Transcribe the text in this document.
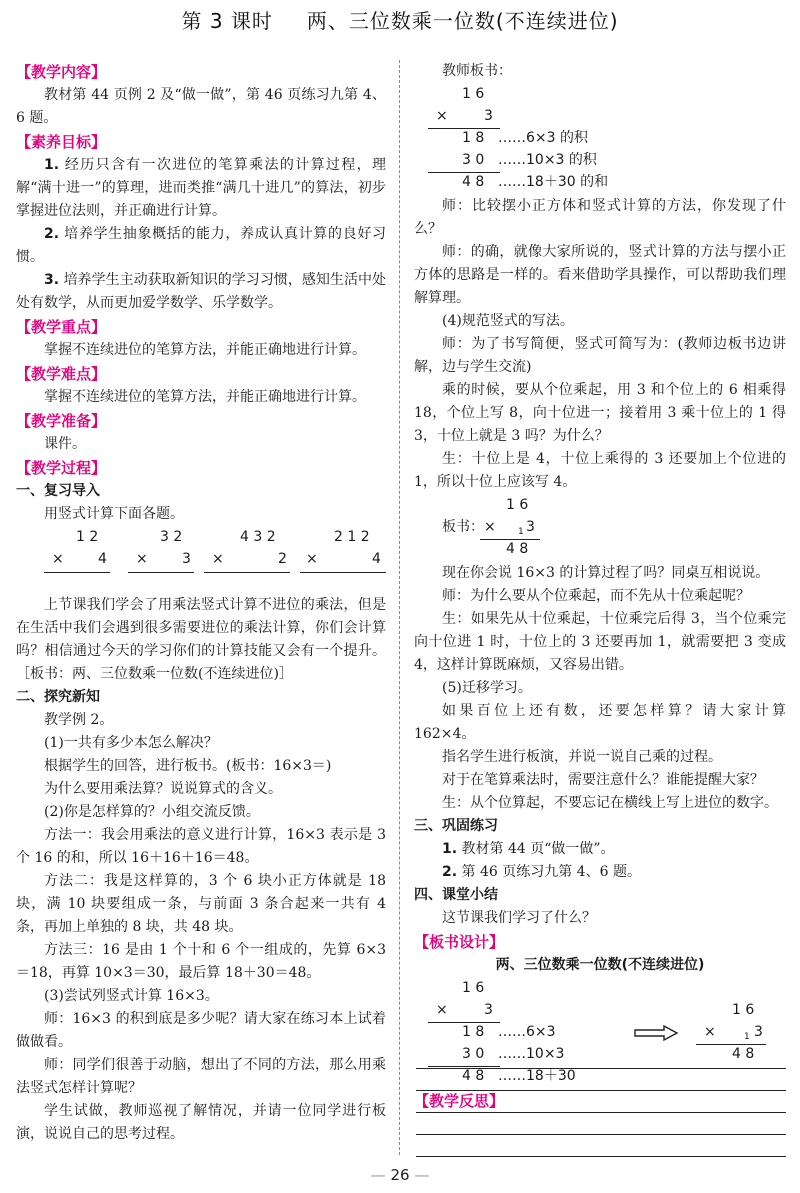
第 3 课时 两、三位数乘一位数(不连续进位)
【教学内容】

教材第 44 页例 2 及“做一做”，第 46 页练习九第 4、6 题。

【素养目标】

1. 经历只含有一次进位的笔算乘法的计算过程，理解“满十进一”的算理，进而类推“满几十进几”的算法，初步掌握进位法则，并正确进行计算。

2. 培养学生抽象概括的能力，养成认真计算的良好习惯。

3. 培养学生主动获取新知识的学习习惯，感知生活中处处有数学，从而更加爱学数学、乐学数学。

【教学重点】

掌握不连续进位的笔算方法，并能正确地进行计算。

【教学难点】

掌握不连续进位的笔算方法，并能正确地进行计算。

【教学准备】

课件。

【教学过程】
一、复习导入

用竖式计算下面各题。

1 2
× 4
3 2
× 3
4 3 2
×	2
2 1 2
×	4

上节课我们学会了用乘法竖式计算不进位的乘法，但是在生活中我们会遇到很多需要进位的乘法计算，你们会计算吗？相信通过今天的学习你们的计算技能又会有一个提升。［板书：两、三位数乘一位数(不连续进位)］

二、探究新知

教学例 2。

(1)一共有多少本怎么解决？

根据学生的回答，进行板书。(板书：16×3＝)

为什么要用乘法算？说说算式的含义。

(2)你是怎样算的？小组交流反馈。

方法一：我会用乘法的意义进行计算，16×3 表示是 3 个 16 的和，所以 16＋16＋16＝48。

方法二：我是这样算的，3 个 6 块小正方体就是 18 块，满 10 块要组成一条，与前面 3 条合起来一共有 4 条，再加上单独的 8 块，共 48 块。

方法三：16 是由 1 个十和 6 个一组成的，先算 6×3＝18，再算 10×3＝30，最后算 18＋30＝48。

(3)尝试列竖式计算 16×3。

师：16×3 的积到底是多少呢？请大家在练习本上试着做做看。

师：同学们很善于动脑，想出了不同的方法，那么用乘法竖式怎样计算呢？

学生试做，教师巡视了解情况，并请一位同学进行板演，说说自己的思考过程。

教师板书：

1 6
×	3
1 8 ……6×3 的积
3 0 ……10×3 的积
4 8 ……18＋30 的和

师：比较摆小正方体和竖式计算的方法，你发现了什么？

师：的确，就像大家所说的，竖式计算的方法与摆小正方体的思路是一样的。看来借助学具操作，可以帮助我们理解算理。

(4)规范竖式的写法。

师：为了书写简便，竖式可简写为：(教师边板书边讲解，边与学生交流)

乘的时候，要从个位乘起，用 3 和个位上的 6 相乘得 18，个位上写 8，向十位进一；接着用 3 乘十位上的 1 得 3，十位上就是 3 吗？为什么？

生：十位上是 4，十位上乘得的 3 还要加上个位进的 1，所以十位上应该写 4。

1 6
板书： × 1 3
4 8

现在你会说 16×3 的计算过程了吗？同桌互相说说。

师：为什么要从个位乘起，而不先从十位乘起呢？

生：如果先从十位乘起，十位乘完后得 3，当个位乘完向十位进 1 时，十位上的 3 还要再加 1，就需要把 3 变成 4，这样计算既麻烦，又容易出错。

(5)迁移学习。

如果百位上还有数，还要怎样算？请大家计算 162×4。

指名学生进行板演，并说一说自己乘的过程。

对于在笔算乘法时，需要注意什么？谁能提醒大家？

生：从个位算起，不要忘记在横线上写上进位的数字。

三、巩固练习

1. 教材第 44 页“做一做”。

2. 第 46 页练习九第 4、6 题。

四、课堂小结

这节课我们学习了什么？

【板书设计】
两、三位数乘一位数(不连续进位)
1 6
×	3
1 8 ……6×3
3 0 ……10×3
4 8 ……18＋30
1 6
×	1 3
4 8
【教学反思】
— 26 —
